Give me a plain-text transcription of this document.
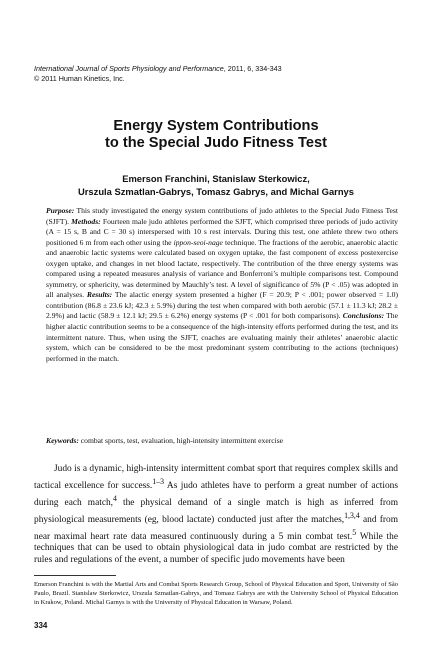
International Journal of Sports Physiology and Performance, 2011, 6, 334-343
© 2011 Human Kinetics, Inc.
Energy System Contributions
to the Special Judo Fitness Test
Emerson Franchini, Stanislaw Sterkowicz,
Urszula Szmatlan-Gabrys, Tomasz Gabrys, and Michal Garnys
Purpose: This study investigated the energy system contributions of judo athletes to the Special Judo Fitness Test (SJFT). Methods: Fourteen male judo athletes performed the SJFT, which comprised three periods of judo activity (A = 15 s, B and C = 30 s) interspersed with 10 s rest intervals. During this test, one athlete threw two others positioned 6 m from each other using the ippon-seoi-nage technique. The fractions of the aerobic, anaerobic alactic and anaerobic lactic systems were calculated based on oxygen uptake, the fast component of excess postexercise oxygen uptake, and changes in net blood lactate, respectively. The contribution of the three energy systems was compared using a repeated measures analysis of variance and Bonferroni’s multiple comparisons test. Compound symmetry, or sphericity, was determined by Mauchly’s test. A level of significance of 5% (P < .05) was adopted in all analyses. Results: The alactic energy system presented a higher (F = 20.9; P < .001; power observed = 1.0) contribution (86.8 ± 23.6 kJ; 42.3 ± 5.9%) during the test when compared with both aerobic (57.1 ± 11.3 kJ; 28.2 ± 2.9%) and lactic (58.9 ± 12.1 kJ; 29.5 ± 6.2%) energy systems (P < .001 for both comparisons). Conclusions: The higher alactic contribution seems to be a consequence of the high-intensity efforts performed during the test, and its intermittent nature. Thus, when using the SJFT, coaches are evaluating mainly their athletes’ anaerobic alactic system, which can be considered to be the most predominant system contributing to the actions (techniques) performed in the match.
Keywords: combat sports, test, evaluation, high-intensity intermittent exercise

Judo is a dynamic, high-intensity intermittent combat sport that requires complex skills and tactical excellence for success.$^{1-3}$ As judo athletes have to perform a great number of actions during each match,$^4$ the physical demand of a single match is high as inferred from physiological measurements (eg, blood lactate) conducted just after the matches,$^{1,3,4}$ and from near maximal heart rate data measured continuously during a 5 min combat test.$^5$ While the techniques that can be used to obtain physiological data in judo combat are restricted by the rules and regulations of the event, a number of specific judo movements have been

Emerson Franchini is with the Martial Arts and Combat Sports Research Group, School of Physical Education and Sport, University of São Paulo, Brazil. Stanislaw Sterkowicz, Urszula Szmatlan-Gabrys, and Tomasz Gabrys are with the University School of Physical Education in Krakow, Poland. Michal Garnys is with the University of Physical Education in Warsaw, Poland.
334
